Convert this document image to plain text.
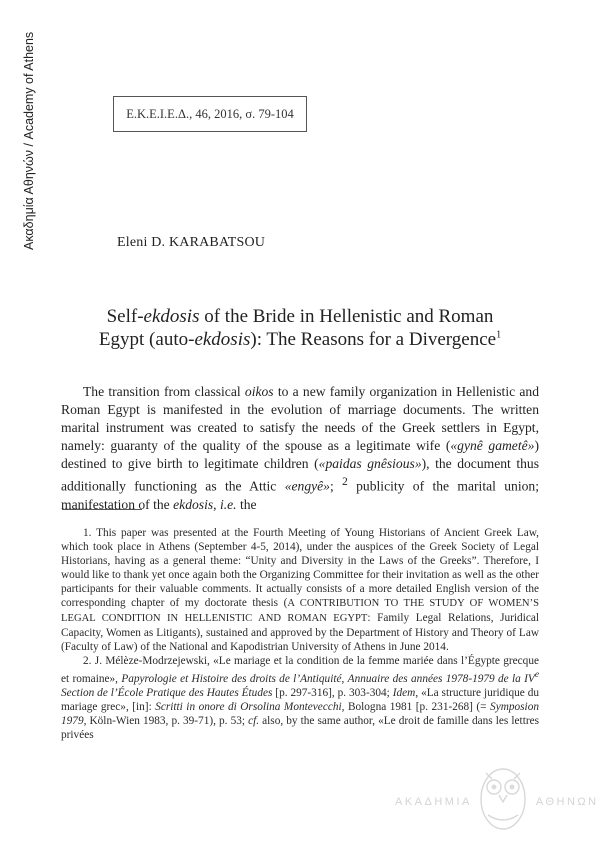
Ακαδημία Αθηνών / Academy of Athens	Ε.Κ.Ε.Ι.Ε.Δ., 46, 2016, σ. 79-104
Eleni D. KARABATSOU
Self-ekdosis of the Bride in Hellenistic and Roman
Egypt (auto-ekdosis): The Reasons for a Divergence$^1$

The transition from classical oikos to a new family organization in Hellenistic and Roman Egypt is manifested in the evolution of marriage documents. The written marital instrument was created to satisfy the needs of the Greek settlers in Egypt, namely: guaranty of the quality of the spouse as a legitimate wife («gynê gametê») destined to give birth to legitimate children («paidas gnêsious»), the document thus additionally functioning as the Attic «engyê»; $^2$ publicity of the marital union; manifestation of the ekdosis, i.e. the

1. This paper was presented at the Fourth Meeting of Young Historians of Ancient Greek Law, which took place in Athens (September 4-5, 2014), under the auspices of the Greek Society of Legal Historians, having as a general theme: “Unity and Diversity in the Laws of the Greeks”. Therefore, I would like to thank yet once again both the Organizing Committee for their invitation as well as the other participants for their valuable comments. It actually consists of a more detailed English version of the corresponding chapter of my doctorate thesis (A CONTRIBUTION TO THE STUDY OF WOMEN’S LEGAL CONDITION IN HELLENISTIC AND ROMAN EGYPT: Family Legal Relations, Juridical Capacity, Women as Litigants), sustained and approved by the Department of History and Theory of Law (Faculty of Law) of the National and Kapodistrian University of Athens in June 2014.

2. J. Mélèze-Modrzejewski, «Le mariage et la condition de la femme mariée dans l’Égypte grecque et romaine», Papyrologie et Histoire des droits de l’Antiquité, Annuaire des années 1978-1979 de la IVe Section de l’École Pratique des Hautes Études [p. 297-316], p. 303-304; Idem, «La structure juridique du mariage grec», [in]: Scritti in onore di Orsolina Montevecchi, Bologna 1981 [p. 231-268] (= Symposion 1979, Köln-Wien 1983, p. 39-71), p. 53; cf. also, by the same author, «Le droit de famille dans les lettres privées

ΑΚΑΔΗΜΙΑ	ΑΘΗΝΩΝ
